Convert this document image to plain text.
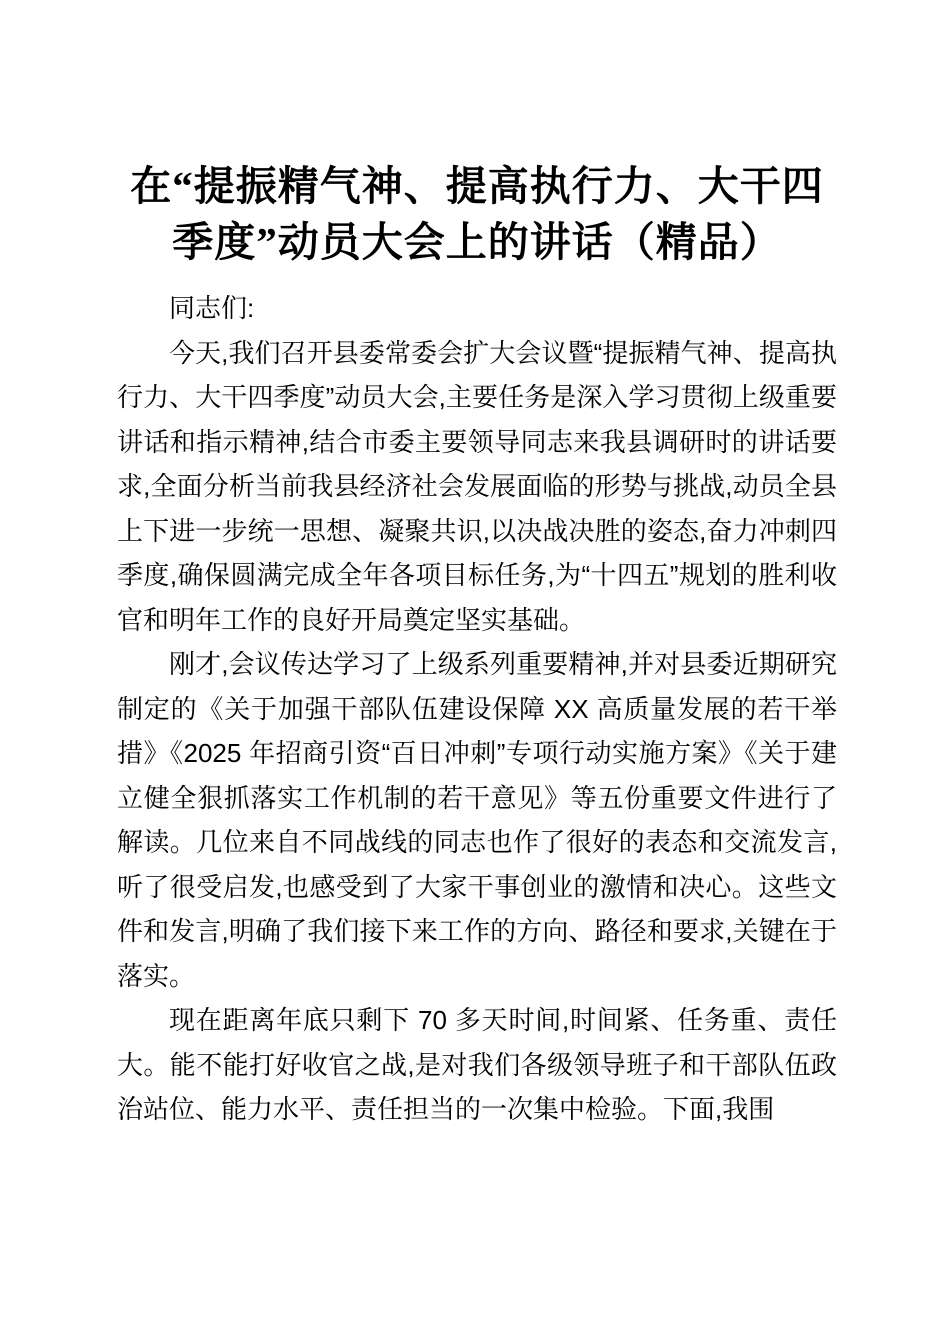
在“提振精气神、提高执行力、大干四
季度”动员大会上的讲话（精品）

同志们:

今天,我们召开县委常委会扩大会议暨“提振精气神、提高执行力、大干四季度”动员大会,主要任务是深入学习贯彻上级重要讲话和指示精神,结合市委主要领导同志来我县调研时的讲话要求,全面分析当前我县经济社会发展面临的形势与挑战,动员全县上下进一步统一思想、凝聚共识,以决战决胜的姿态,奋力冲刺四季度,确保圆满完成全年各项目标任务,为“十四五”规划的胜利收官和明年工作的良好开局奠定坚实基础。

刚才,会议传达学习了上级系列重要精神,并对县委近期研究制定的《关于加强干部队伍建设保障 XX 高质量发展的若干举措》《2025 年招商引资“百日冲刺”专项行动实施方案》《关于建立健全狠抓落实工作机制的若干意见》等五份重要文件进行了解读。几位来自不同战线的同志也作了很好的表态和交流发言,听了很受启发,也感受到了大家干事创业的激情和决心。这些文件和发言,明确了我们接下来工作的方向、路径和要求,关键在于落实。

现在距离年底只剩下 70 多天时间,时间紧、任务重、责任大。能不能打好收官之战,是对我们各级领导班子和干部队伍政治站位、能力水平、责任担当的一次集中检验。下面,我围
